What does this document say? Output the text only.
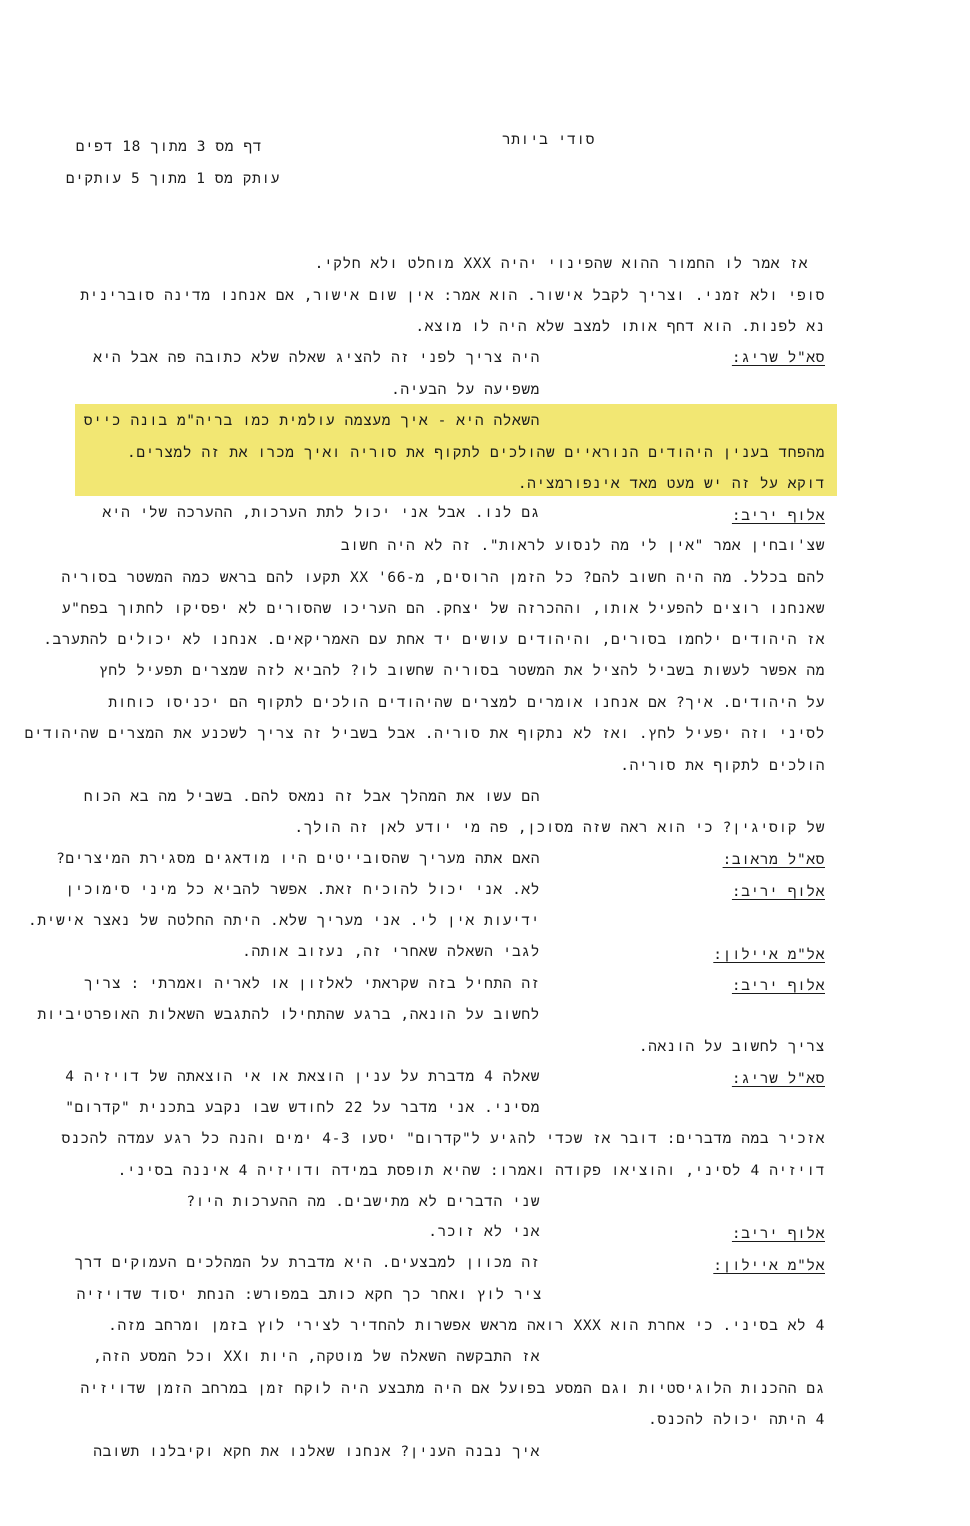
סודי ביותר
דף מס 3 מתוך 18 דפים
עותק מס 1 מתוך 5 עותקים
אז אמר לו החמור ההוא שהפינוי יהיה XXX מוחלט ולא חלקי.
סופי ולא זמני. וצריך לקבל אישור. הוא אמר: אין שום אישור, אם אנחנו מדינה סוברינית
נא לפנות. הוא דחף אותו למצב שלא היה לו מוצא.
סא"ל שריג:
היה צריך לפני זה להציג שאלה שלא כתובה פה אבל היא
משפיעה על הבעיה.
השאלה היא - איך מעצמה עולמית כמו בריה"מ בונה כייס
מהפחד בענין היהודים הנוראיים שהולכים לתקוף את סוריה ואיך מכרו את זה למצרים.
דוקא על זה יש מעט מאד אינפורמציה.
אלוף יריב:
גם לנו. אבל אני יכול לתת הערכות, ההערכה שלי היא
שצ'ובחין אמר "אין לי מה לנסוע לראות". זה לא היה חשוב
להם בכלל. מה היה חשוב להם? כל הזמן הרוסים, מ-66' XX תקעו להם בראש כמה המשטר בסוריה
שאנחנו רוצים להפעיל אותו, וההכרזה של יצחק. הם העריכו שהסורים לא יפסיקו לחתוך בפח"ע
אז היהודים ילחמו בסורים, והיהודים עושים יד אחת עם האמריקאים. אנחנו לא יכולים להתערב.
מה אפשר לעשות בשביל להציל את המשטר בסוריה שחשוב לו? להביא לזה שמצרים תפעיל לחץ
על היהודים. איך? אם אנחנו אומרים למצרים שהיהודים הולכים לתקוף הם יכניסו כוחות
לסיני וזה יפעיל לחץ. ואז לא נתקוף את סוריה. אבל בשביל זה צריך לשכנע את המצרים שהיהודים
הולכים לתקוף את סוריה.
הם עשו את המהלך אבל זה נמאס להם. בשביל מה בא הכוח
של קוסיגין? כי הוא ראה שזה מסוכן, פה מי יודע לאן זה הולך.
סא"ל מראוב:
האם אתה מעריך שהסובייטים היו מודאגים מסגירת המיצרים?
אלוף יריב:
לא. אני יכול להוכיח זאת. אפשר להביא כל מיני סימוכין
ידיעות אין לי. אני מעריך שלא. היתה החלטה של נאצר אישית.
אל"מ איילון:
לגבי השאלה שאחרי זה, נעזוב אותה.
אלוף יריב:
זה התחיל בזה שקראתי לאלזון או לאריה ואמרתי : צריך
לחשוב על הונאה, ברגע שהתחילו להתגבש השאלות האופרטיביות
צריך לחשוב על הונאה.
סא"ל שריג:
שאלה 4 מדברת על ענין הוצאת או אי הוצאתה של דויזיה 4
מסיני. אני מדבר על 22 לחודש שבו נקבע בתכנית "קדרום"
אזכיר במה מדברים: דובר אז שכדי להגיע ל"קדרום" יסעו 4-3 ימים והנה כל רגע עמדה להכנס
דויזיה 4 לסיני, והוציאו פקודה ואמרו: שהיא תופסת במידה ודויזיה 4 איננה בסיני.
שני הדברים לא מתישבים. מה ההערכות היו?
אלוף יריב:
אני לא זוכר.
אל"מ איילון:
זה מכוון למבצעים. היא מדברת על המהלכים העמוקים דרך
ציר לוץ ואחר כך חקא כותב במפורש: הנחת יסוד שדויזיה
4 לא בסיני. כי אחרת הוא XXX רואה מראש אפשרות להחדיר לצירי לוץ בזמן ומרחב מזה.
אז התבקשה השאלה של מוטקה, היות וXX וכל המסע הזה,
גם ההכנות הלוגיסטיות וגם המסע בפועל אם היה מתבצע היה לוקח זמן במרחב הזמן שדויזיה
4 היתה יכולה להכנס.
איך נבנה הענין? אנחנו שאלנו את חקא וקיבלנו תשובה
